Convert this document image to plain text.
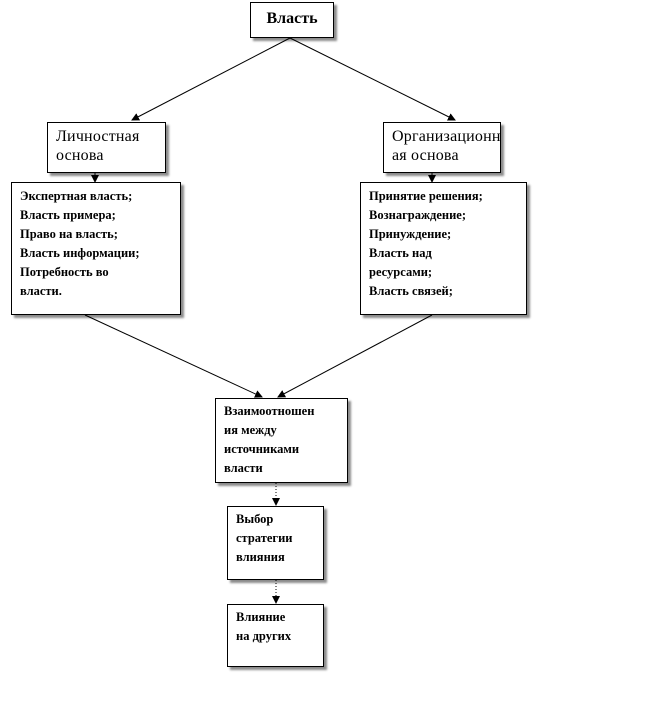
Власть
Личностная
основа
Организационн
ая основа
Экспертная власть;
Власть примера;
Право на власть;
Власть информации;
Потребность во
власти.
Принятие решения;
Вознаграждение;
Принуждение;
Власть над
ресурсами;
Власть связей;
Взаимоотношен
ия между
источниками
власти
Выбор
стратегии
влияния
Влияние
на других
